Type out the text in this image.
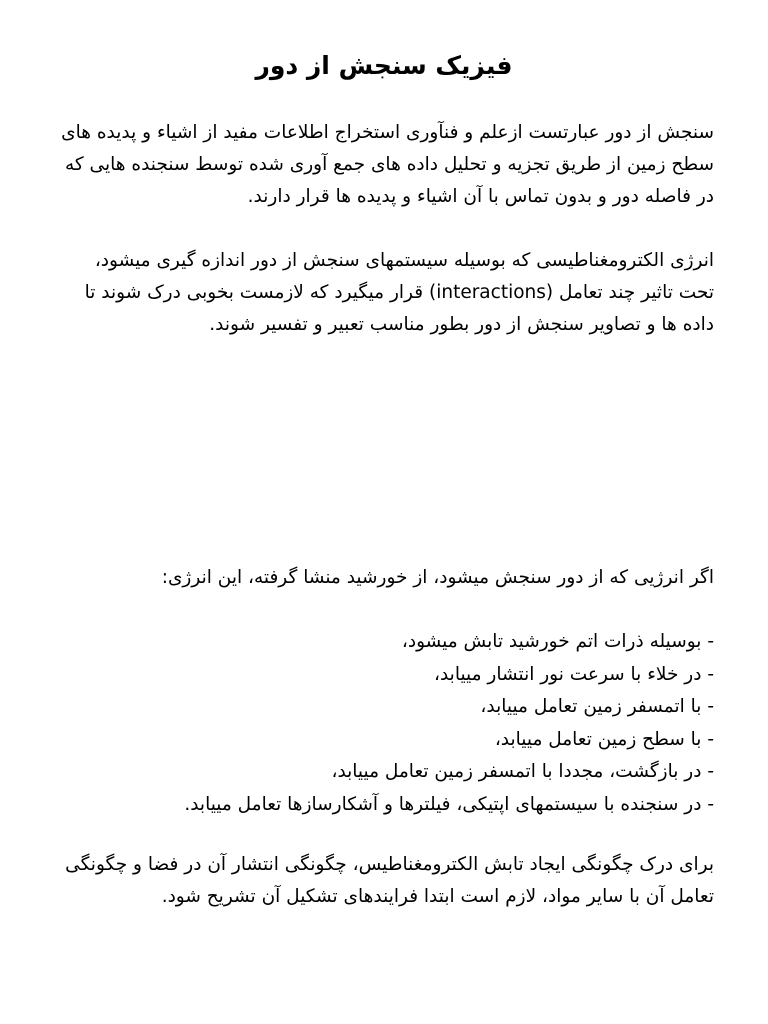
فیزیک سنجش از دور

سنجش از دور عبارتست ازعلم و فنآوری استخراج اطلاعات مفید از اشیاء و پدیده های سطح زمین از طریق تجزیه و تحلیل داده های جمع آوری شده توسط سنجنده هایی که در فاصله دور و بدون تماس با آن اشیاء و پدیده ها قرار دارند.

انرژی الکترومغناطیسی که بوسیله سیستمهای سنجش از دور اندازه گیری میشود، تحت تاثیر چند تعامل (interactions) قرار میگیرد که لازمست بخوبی درک شوند تا داده ها و تصاویر سنجش از دور بطور مناسب تعبیر و تفسیر شوند.

اگر انرژیی که از دور سنجش میشود، از خورشید منشا گرفته، این انرژی:

- بوسیله ذرات اتم خورشید تابش میشود،
- در خلاء با سرعت نور انتشار مییابد،
- با اتمسفر زمین تعامل مییابد،
- با سطح زمین تعامل مییابد،
- در بازگشت، مجددا با اتمسفر زمین تعامل مییابد،
- در سنجنده با سیستمهای اپتیکی، فیلترها و آشکارسازها تعامل مییابد.

برای درک چگونگی ایجاد تابش الکترومغناطیس، چگونگی انتشار آن در فضا و چگونگی تعامل آن با سایر مواد، لازم است ابتدا فرایندهای تشکیل آن تشریح شود.
